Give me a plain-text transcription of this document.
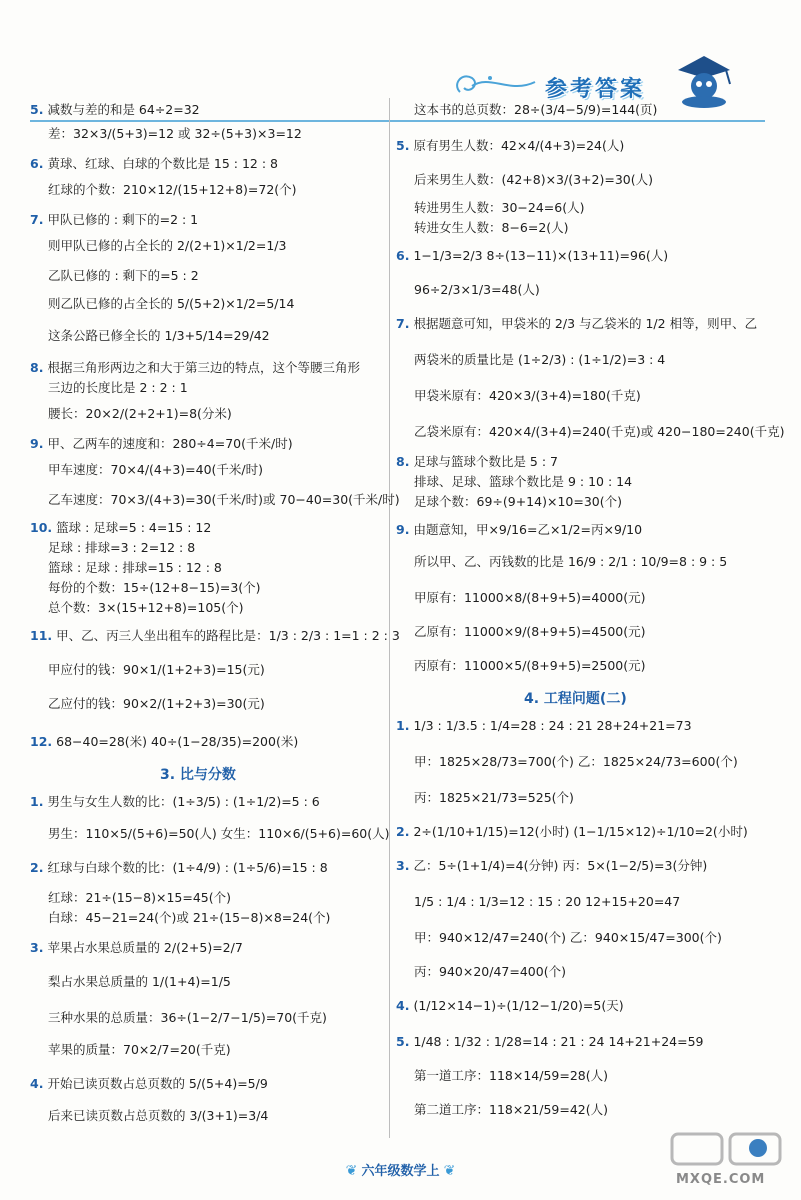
参考答案
5. 减数与差的和是 64÷2=32
差：32×3/(5+3)=12 或 32÷(5+3)×3=12
6. 黄球、红球、白球的个数比是 15 : 12 : 8
红球的个数：210×12/(15+12+8)=72(个)
7. 甲队已修的 : 剩下的=2 : 1
则甲队已修的占全长的 2/(2+1)×1/2=1/3
乙队已修的 : 剩下的=5 : 2
则乙队已修的占全长的 5/(5+2)×1/2=5/14
这条公路已修全长的 1/3+5/14=29/42
8. 根据三角形两边之和大于第三边的特点，这个等腰三角形
三边的长度比是 2 : 2 : 1
腰长：20×2/(2+2+1)=8(分米)
9. 甲、乙两车的速度和：280÷4=70(千米/时)
甲车速度：70×4/(4+3)=40(千米/时)
乙车速度：70×3/(4+3)=30(千米/时)或 70−40=30(千米/时)
10. 篮球 : 足球=5 : 4=15 : 12
足球 : 排球=3 : 2=12 : 8
篮球 : 足球 : 排球=15 : 12 : 8
每份的个数：15÷(12+8−15)=3(个)
总个数：3×(15+12+8)=105(个)
11. 甲、乙、丙三人坐出租车的路程比是：1/3 : 2/3 : 1=1 : 2 : 3
甲应付的钱：90×1/(1+2+3)=15(元)
乙应付的钱：90×2/(1+2+3)=30(元)
12. 68−40=28(米) 40÷(1−28/35)=200(米)
3. 比与分数
1. 男生与女生人数的比：(1÷3/5) : (1÷1/2)=5 : 6
男生：110×5/(5+6)=50(人) 女生：110×6/(5+6)=60(人)
2. 红球与白球个数的比：(1÷4/9) : (1÷5/6)=15 : 8
红球：21÷(15−8)×15=45(个)
白球：45−21=24(个)或 21÷(15−8)×8=24(个)
3. 苹果占水果总质量的 2/(2+5)=2/7
梨占水果总质量的 1/(1+4)=1/5
三种水果的总质量：36÷(1−2/7−1/5)=70(千克)
苹果的质量：70×2/7=20(千克)
4. 开始已读页数占总页数的 5/(5+4)=5/9
后来已读页数占总页数的 3/(3+1)=3/4
这本书的总页数：28÷(3/4−5/9)=144(页)
5. 原有男生人数：42×4/(4+3)=24(人)
后来男生人数：(42+8)×3/(3+2)=30(人)
转进男生人数：30−24=6(人)
转进女生人数：8−6=2(人)
6. 1−1/3=2/3 8÷(13−11)×(13+11)=96(人)
96÷2/3×1/3=48(人)
7. 根据题意可知，甲袋米的 2/3 与乙袋米的 1/2 相等，则甲、乙
两袋米的质量比是 (1÷2/3) : (1÷1/2)=3 : 4
甲袋米原有：420×3/(3+4)=180(千克)
乙袋米原有：420×4/(3+4)=240(千克)或 420−180=240(千克)
8. 足球与篮球个数比是 5 : 7
排球、足球、篮球个数比是 9 : 10 : 14
足球个数：69÷(9+14)×10=30(个)
9. 由题意知，甲×9/16=乙×1/2=丙×9/10
所以甲、乙、丙钱数的比是 16/9 : 2/1 : 10/9=8 : 9 : 5
甲原有：11000×8/(8+9+5)=4000(元)
乙原有：11000×9/(8+9+5)=4500(元)
丙原有：11000×5/(8+9+5)=2500(元)
4. 工程问题(二)
1. 1/3 : 1/3.5 : 1/4=28 : 24 : 21 28+24+21=73
甲：1825×28/73=700(个) 乙：1825×24/73=600(个)
丙：1825×21/73=525(个)
2. 2÷(1/10+1/15)=12(小时) (1−1/15×12)÷1/10=2(小时)
3. 乙：5÷(1+1/4)=4(分钟) 丙：5×(1−2/5)=3(分钟)
1/5 : 1/4 : 1/3=12 : 15 : 20 12+15+20=47
甲：940×12/47=240(个) 乙：940×15/47=300(个)
丙：940×20/47=400(个)
4. (1/12×14−1)÷(1/12−1/20)=5(天)
5. 1/48 : 1/32 : 1/28=14 : 21 : 24 14+21+24=59
第一道工序：118×14/59=28(人)
第二道工序：118×21/59=42(人)
❦ 六年级数学上 ❦
MXQE.COM
